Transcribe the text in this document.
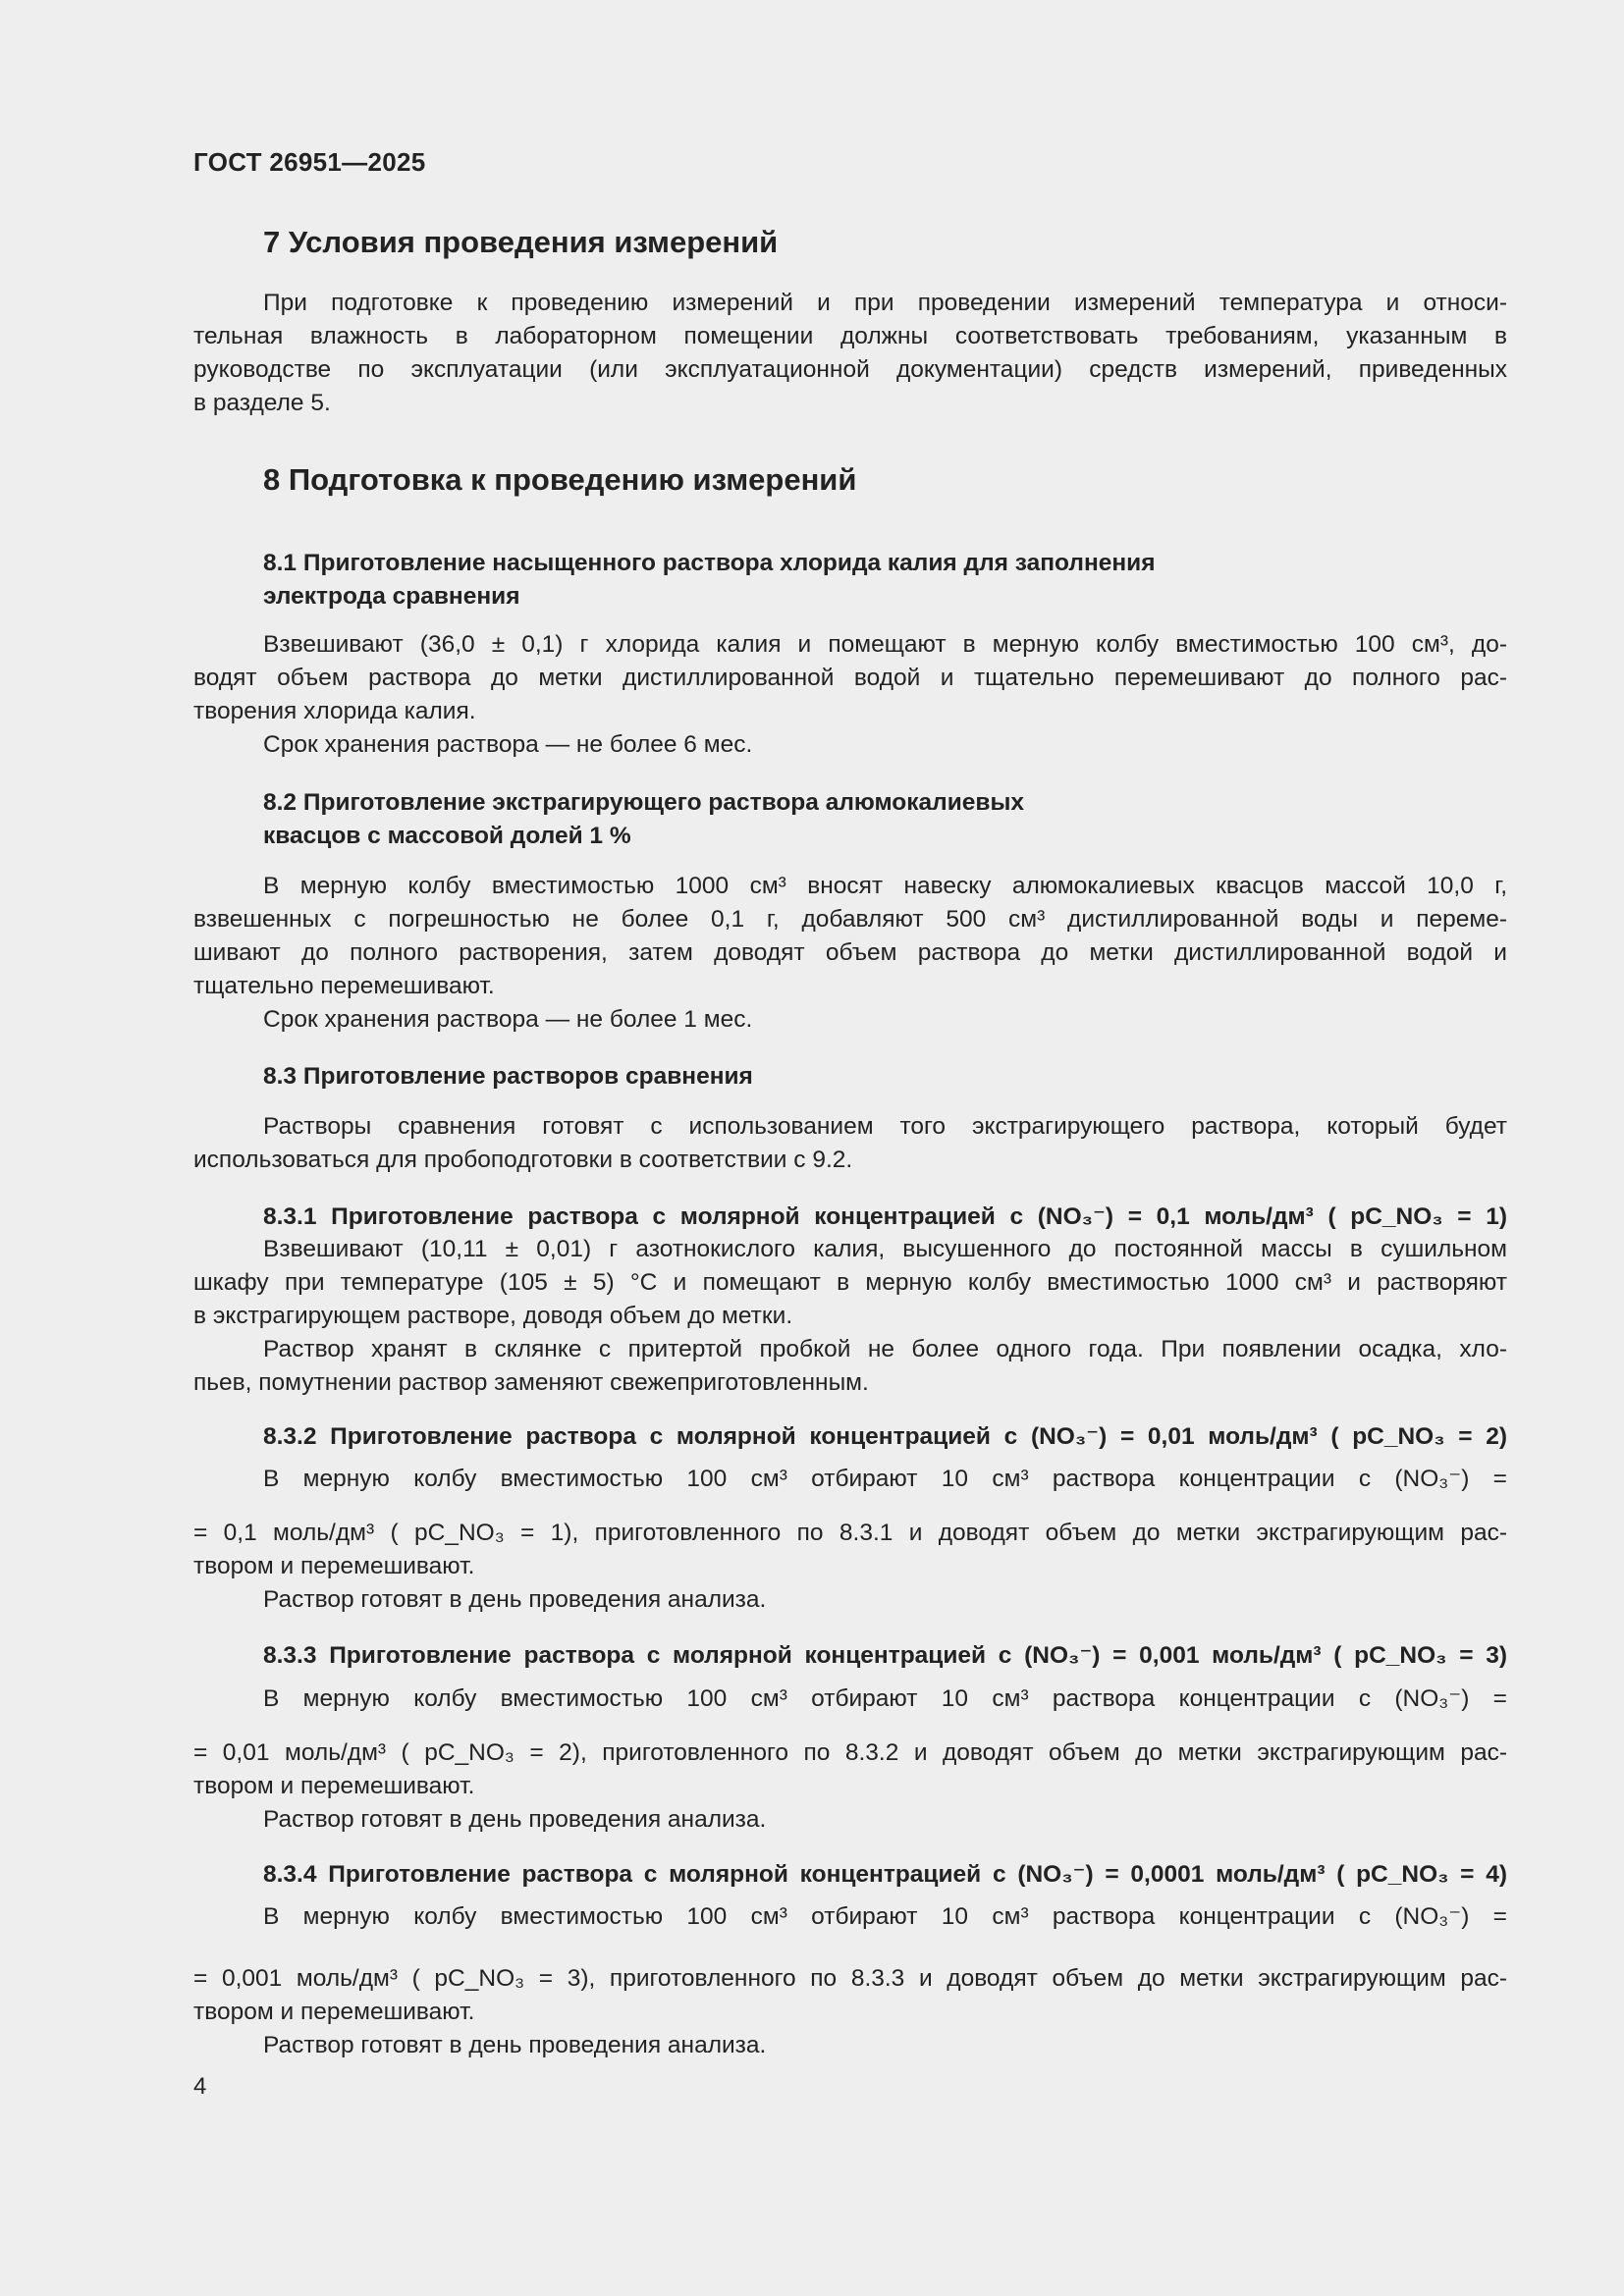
ГОСТ 26951—2025
7 Условия проведения измерений
При подготовке к проведению измерений и при проведении измерений температура и относи-
тельная влажность в лабораторном помещении должны соответствовать требованиям, указанным в
руководстве по эксплуатации (или эксплуатационной документации) средств измерений, приведенных
в разделе 5.
8 Подготовка к проведению измерений
8.1 Приготовление насыщенного раствора хлорида калия для заполнения
электрода сравнения
Взвешивают (36,0 ± 0,1) г хлорида калия и помещают в мерную колбу вместимостью 100 см³, до-
водят объем раствора до метки дистиллированной водой и тщательно перемешивают до полного рас-
творения хлорида калия.
Срок хранения раствора — не более 6 мес.
8.2 Приготовление экстрагирующего раствора алюмокалиевых
квасцов с массовой долей 1 %
В мерную колбу вместимостью 1000 см³ вносят навеску алюмокалиевых квасцов массой 10,0 г,
взвешенных с погрешностью не более 0,1 г, добавляют 500 см³ дистиллированной воды и переме-
шивают до полного растворения, затем доводят объем раствора до метки дистиллированной водой и
тщательно перемешивают.
Срок хранения раствора — не более 1 мес.
8.3 Приготовление растворов сравнения
Растворы сравнения готовят с использованием того экстрагирующего раствора, который будет
использоваться для пробоподготовки в соответствии с 9.2.
8.3.1 Приготовление раствора с молярной концентрацией c (NO₃⁻) = 0,1 моль/дм³ ( pC_NO₃ = 1)
Взвешивают (10,11 ± 0,01) г азотнокислого калия, высушенного до постоянной массы в сушильном
шкафу при температуре (105 ± 5) °С и помещают в мерную колбу вместимостью 1000 см³ и растворяют
в экстрагирующем растворе, доводя объем до метки.
Раствор хранят в склянке с притертой пробкой не более одного года. При появлении осадка, хло-
пьев, помутнении раствор заменяют свежеприготовленным.
8.3.2 Приготовление раствора с молярной концентрацией c (NO₃⁻) = 0,01 моль/дм³ ( pC_NO₃ = 2)
В мерную колбу вместимостью 100 см³ отбирают 10 см³ раствора концентрации c (NO₃⁻) =
= 0,1 моль/дм³ ( pC_NO₃ = 1), приготовленного по 8.3.1 и доводят объем до метки экстрагирующим рас-
твором и перемешивают.
Раствор готовят в день проведения анализа.
8.3.3 Приготовление раствора с молярной концентрацией c (NO₃⁻) = 0,001 моль/дм³ ( pC_NO₃ = 3)
В мерную колбу вместимостью 100 см³ отбирают 10 см³ раствора концентрации c (NO₃⁻) =
= 0,01 моль/дм³ ( pC_NO₃ = 2), приготовленного по 8.3.2 и доводят объем до метки экстрагирующим рас-
твором и перемешивают.
Раствор готовят в день проведения анализа.
8.3.4 Приготовление раствора с молярной концентрацией c (NO₃⁻) = 0,0001 моль/дм³ ( pC_NO₃ = 4)
В мерную колбу вместимостью 100 см³ отбирают 10 см³ раствора концентрации c (NO₃⁻) =
= 0,001 моль/дм³ ( pC_NO₃ = 3), приготовленного по 8.3.3 и доводят объем до метки экстрагирующим рас-
твором и перемешивают.
Раствор готовят в день проведения анализа.
4
